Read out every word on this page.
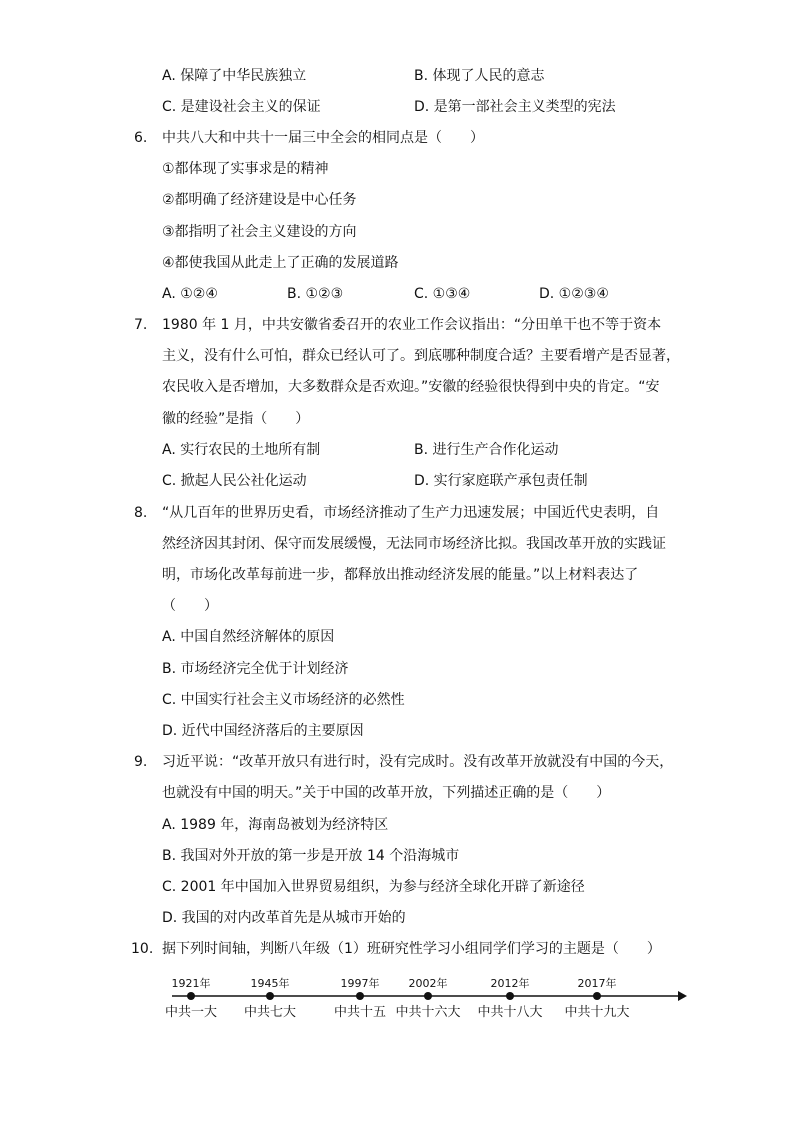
A. 保障了中华民族独立	B. 体现了人民的意志
C. 是建设社会主义的保证	D. 是第一部社会主义类型的宪法
6. 中共八大和中共十一届三中全会的相同点是（　　）
①都体现了实事求是的精神
②都明确了经济建设是中心任务
③都指明了社会主义建设的方向
④都使我国从此走上了正确的发展道路
A. ①②④	B. ①②③	C. ①③④	D. ①②③④
7. 1980 年 1 月，中共安徽省委召开的农业工作会议指出：“分田单干也不等于资本
主义，没有什么可怕，群众已经认可了。到底哪种制度合适？主要看增产是否显著，
农民收入是否增加，大多数群众是否欢迎。”安徽的经验很快得到中央的肯定。“安
徽的经验”是指（　　）
A. 实行农民的土地所有制	B. 进行生产合作化运动
C. 掀起人民公社化运动	D. 实行家庭联产承包责任制
8. “从几百年的世界历史看，市场经济推动了生产力迅速发展；中国近代史表明，自
然经济因其封闭、保守而发展缓慢，无法同市场经济比拟。我国改革开放的实践证
明，市场化改革每前进一步，都释放出推动经济发展的能量。”以上材料表达了
（　　）
A. 中国自然经济解体的原因
B. 市场经济完全优于计划经济
C. 中国实行社会主义市场经济的必然性
D. 近代中国经济落后的主要原因
9. 习近平说：“改革开放只有进行时，没有完成时。没有改革开放就没有中国的今天，
也就没有中国的明天。”关于中国的改革开放，下列描述正确的是（　　）
A. 1989 年，海南岛被划为经济特区
B. 我国对外开放的第一步是开放 14 个沿海城市
C. 2001 年中国加入世界贸易组织，为参与经济全球化开辟了新途径
D. 我国的对内改革首先是从城市开始的
10. 据下列时间轴，判断八年级（1）班研究性学习小组同学们学习的主题是（　　）
1921年
中共一大
1945年
中共七大
1997年
中共十五
2002年
中共十六大
2012年
中共十八大
2017年
中共十九大
